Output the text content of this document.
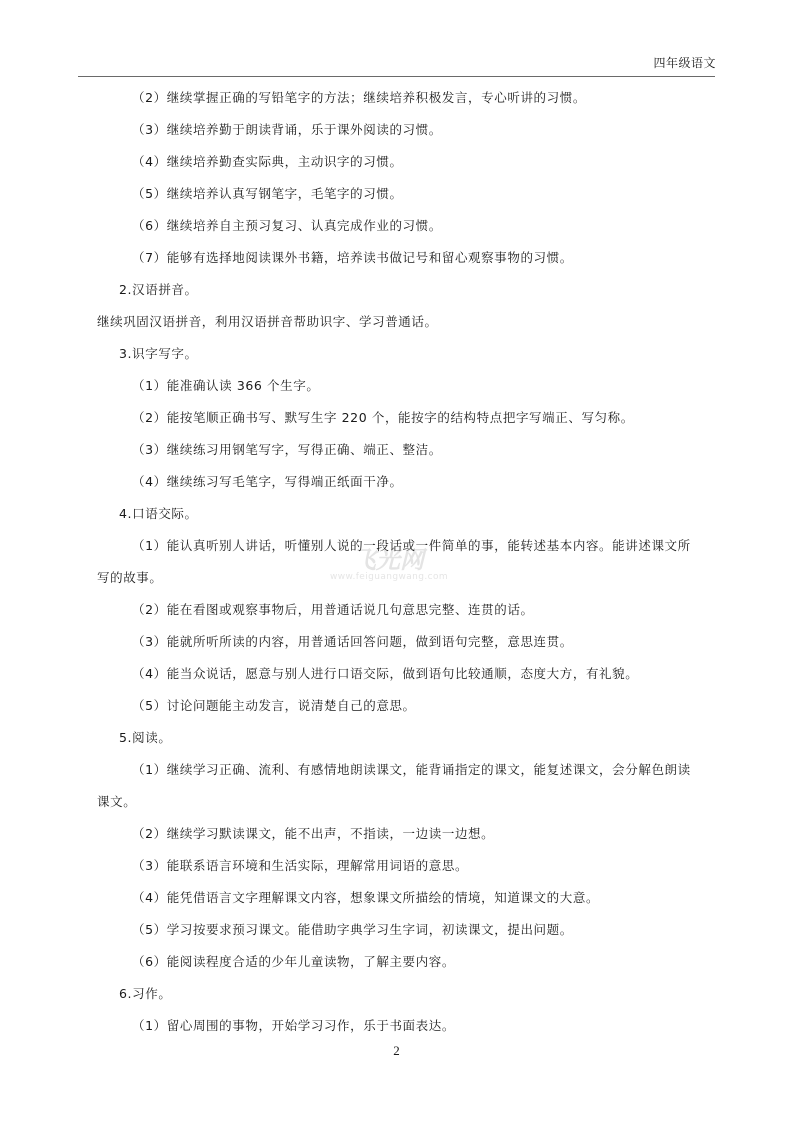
四年级语文
（2）继续掌握正确的写铅笔字的方法；继续培养积极发言，专心听讲的习惯。
（3）继续培养勤于朗读背诵，乐于课外阅读的习惯。
（4）继续培养勤查实际典，主动识字的习惯。
（5）继续培养认真写钢笔字，毛笔字的习惯。
（6）继续培养自主预习复习、认真完成作业的习惯。
（7）能够有选择地阅读课外书籍，培养读书做记号和留心观察事物的习惯。
2.汉语拼音。
继续巩固汉语拼音，利用汉语拼音帮助识字、学习普通话。
3.识字写字。
（1）能准确认读 366 个生字。
（2）能按笔顺正确书写、默写生字 220 个，能按字的结构特点把字写端正、写匀称。
（3）继续练习用钢笔写字，写得正确、端正、整洁。
（4）继续练习写毛笔字，写得端正纸面干净。
4.口语交际。
（1）能认真听别人讲话，听懂别人说的一段话或一件简单的事，能转述基本内容。能讲述课文所
写的故事。
（2）能在看图或观察事物后，用普通话说几句意思完整、连贯的话。
（3）能就所听所读的内容，用普通话回答问题，做到语句完整，意思连贯。
（4）能当众说话，愿意与别人进行口语交际，做到语句比较通顺，态度大方，有礼貌。
（5）讨论问题能主动发言，说清楚自己的意思。
5.阅读。
（1）继续学习正确、流利、有感情地朗读课文，能背诵指定的课文，能复述课文，会分解色朗读
课文。
（2）继续学习默读课文，能不出声，不指读，一边读一边想。
（3）能联系语言环境和生活实际，理解常用词语的意思。
（4）能凭借语言文字理解课文内容，想象课文所描绘的情境，知道课文的大意。
（5）学习按要求预习课文。能借助字典学习生字词，初读课文，提出问题。
（6）能阅读程度合适的少年儿童读物，了解主要内容。
6.习作。
（1）留心周围的事物，开始学习习作，乐于书面表达。
飞光网
www.feiguangwang.com
2
